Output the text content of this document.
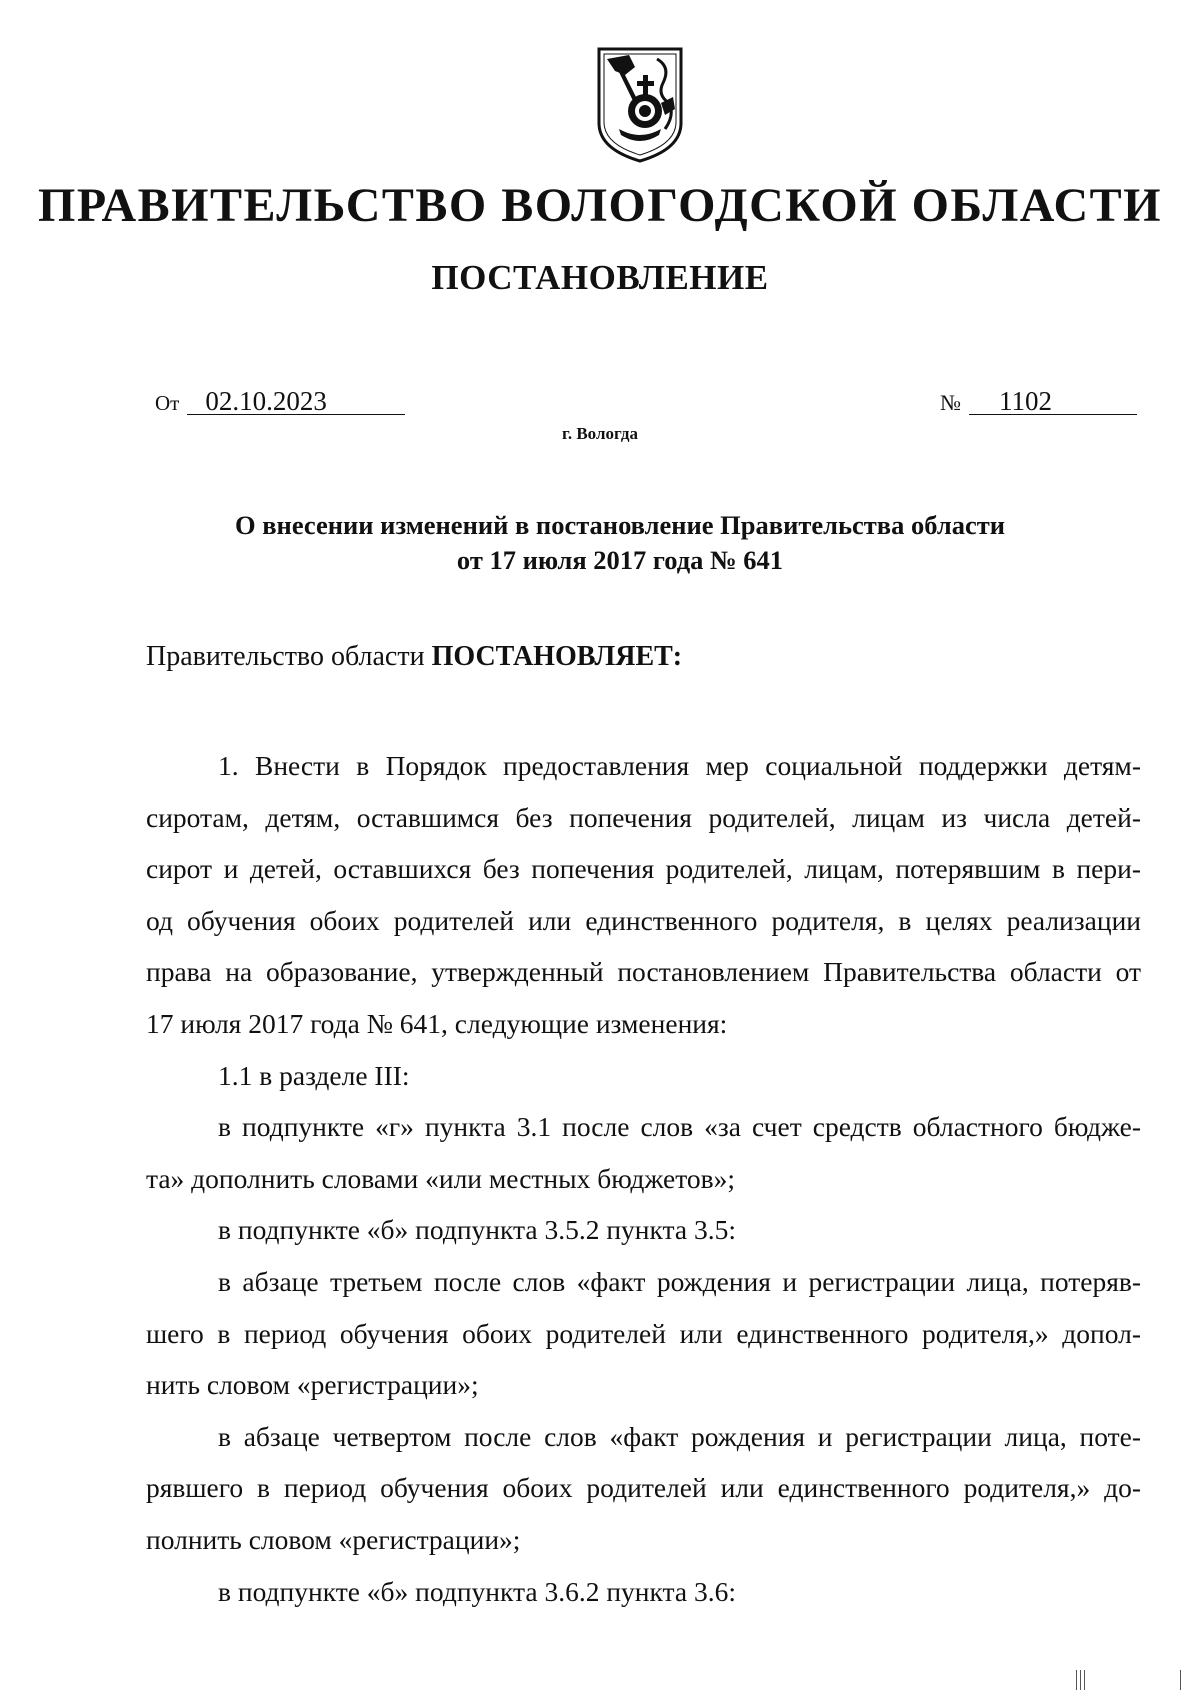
ПРАВИТЕЛЬСТВО ВОЛОГОДСКОЙ ОБЛАСТИ
ПОСТАНОВЛЕНИЕ
От 02.10.2023	№ 1102
г. Вологда
О внесении изменений в постановление Правительства области
от 17 июля 2017 года № 641
Правительство области ПОСТАНОВЛЯЕТ:
1. Внести в Порядок предоставления мер социальной поддержки детям-
сиротам, детям, оставшимся без попечения родителей, лицам из числа детей-
сирот и детей, оставшихся без попечения родителей, лицам, потерявшим в пери-
од обучения обоих родителей или единственного родителя, в целях реализации
права на образование, утвержденный постановлением Правительства области от
17 июля 2017 года № 641, следующие изменения:
1.1 в разделе III:
в подпункте «г» пункта 3.1 после слов «за счет средств областного бюдже-
та» дополнить словами «или местных бюджетов»;
в подпункте «б» подпункта 3.5.2 пункта 3.5:
в абзаце третьем после слов «факт рождения и регистрации лица, потеряв-
шего в период обучения обоих родителей или единственного родителя,» допол-
нить словом «регистрации»;
в абзаце четвертом после слов «факт рождения и регистрации лица, поте-
рявшего в период обучения обоих родителей или единственного родителя,» до-
полнить словом «регистрации»;
в подпункте «б» подпункта 3.6.2 пункта 3.6:
